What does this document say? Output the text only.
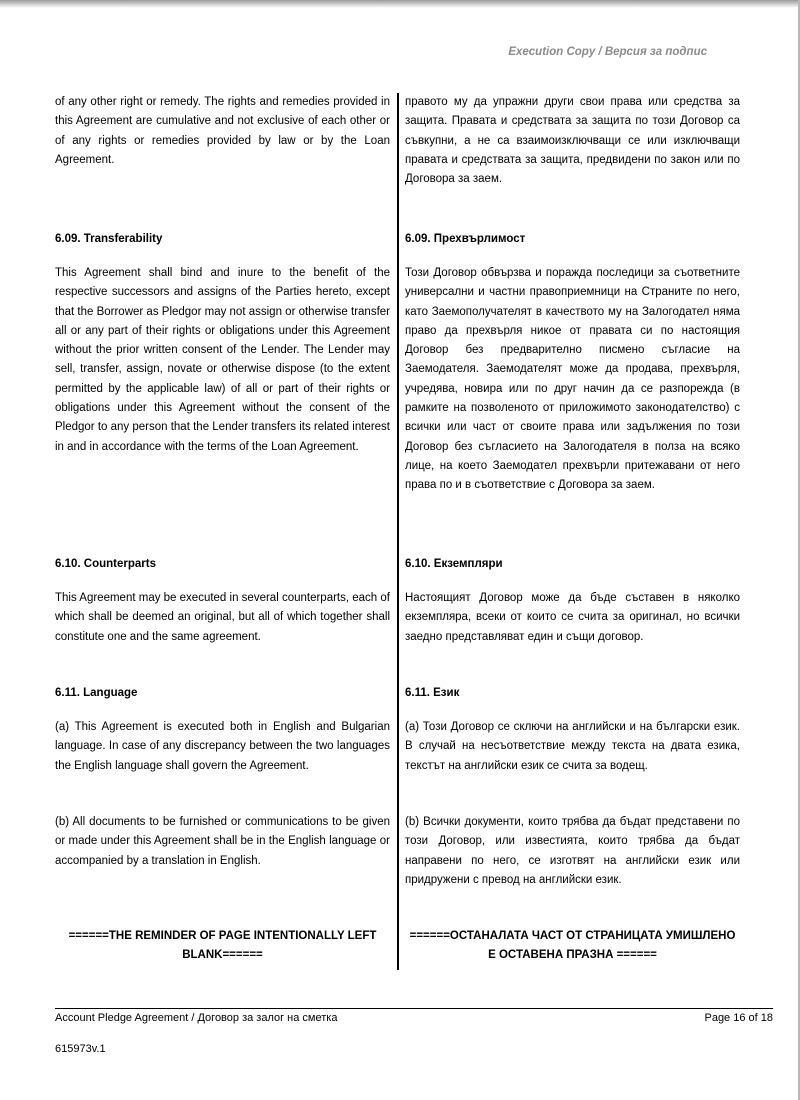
Execution Copy / Версия за подпис

of any other right or remedy. The rights and remedies provided in this Agreement are cumulative and not exclusive of each other or of any rights or remedies provided by law or by the Loan Agreement.

6.09. Transferability

This Agreement shall bind and inure to the benefit of the respective successors and assigns of the Parties hereto, except that the Borrower as Pledgor may not assign or otherwise transfer all or any part of their rights or obligations under this Agreement without the prior written consent of the Lender. The Lender may sell, transfer, assign, novate or otherwise dispose (to the extent permitted by the applicable law) of all or part of their rights or obligations under this Agreement without the consent of the Pledgor to any person that the Lender transfers its related interest in and in accordance with the terms of the Loan Agreement.

6.10. Counterparts

This Agreement may be executed in several counterparts, each of which shall be deemed an original, but all of which together shall constitute one and the same agreement.

6.11. Language

(a) This Agreement is executed both in English and Bulgarian language. In case of any discrepancy between the two languages the English language shall govern the Agreement.

(b) All documents to be furnished or communications to be given or made under this Agreement shall be in the English language or accompanied by a translation in English.

======THE REMINDER OF PAGE INTENTIONALLY LEFT BLANK======

правото му да упражни други свои права или средства за защита. Правата и средствата за защита по този Договор са съвкупни, а не са взаимоизключващи се или изключващи правата и средствата за защита, предвидени по закон или по Договора за заем.

6.09. Прехвърлимост

Този Договор обвързва и поражда последици за съответните универсални и частни правоприемници на Страните по него, като Заемополучателят в качеството му на Залогодател няма право да прехвърля никое от правата си по настоящия Договор без предварително писмено съгласие на Заемодателя. Заемодателят може да продава, прехвърля, учредява, новира или по друг начин да се разпорежда (в рамките на позволеното от приложимото законодателство) с всички или част от своите права или задължения по този Договор без съгласието на Залогодателя в полза на всяко лице, на което Заемодател прехвърли притежавани от него права по и в съответствие с Договора за заем.

6.10. Екземпляри

Настоящият Договор може да бъде съставен в няколко екземпляра, всеки от които се счита за оригинал, но всички заедно представляват един и същи договор.

6.11. Език

(a) Този Договор се сключи на английски и на български език. В случай на несъответствие между текста на двата езика, текстът на английски език се счита за водещ.

(b) Всички документи, които трябва да бъдат представени по този Договор, или известията, които трябва да бъдат направени по него, се изготвят на английски език или придружени с превод на английски език.

======ОСТАНАЛАТА ЧАСТ ОТ СТРАНИЦАТА УМИШЛЕНО Е ОСТАВЕНА ПРАЗНА ======

Account Pledge Agreement / Договор за залог на сметка	Page 16 of 18
615973v.1
